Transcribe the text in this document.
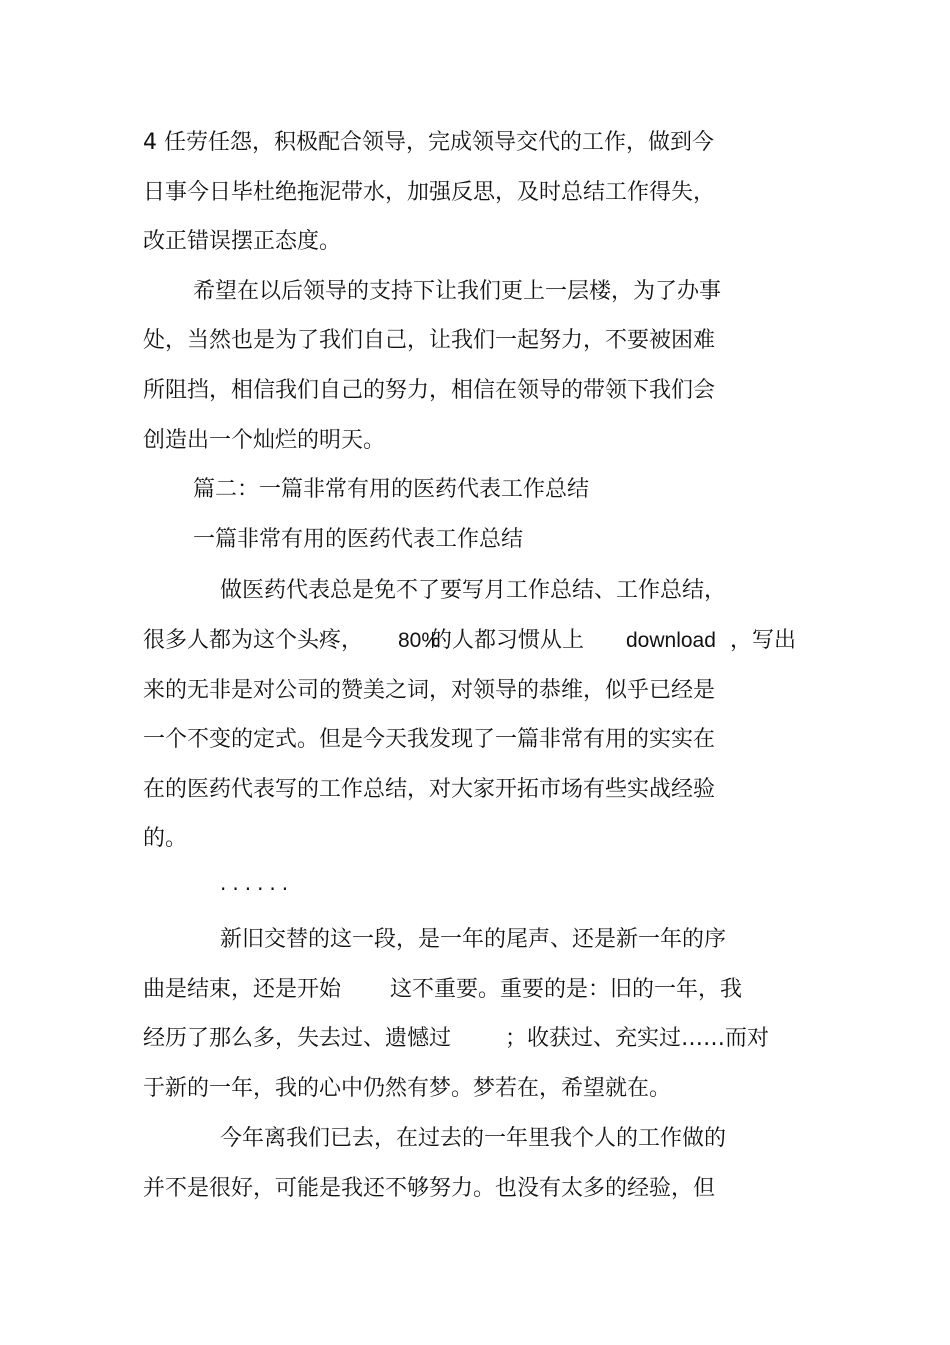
4 任劳任怨，积极配合领导，完成领导交代的工作，做到今
日事今日毕杜绝拖泥带水，加强反思，及时总结工作得失，
改正错误摆正态度。
希望在以后领导的支持下让我们更上一层楼，为了办事
处，当然也是为了我们自己，让我们一起努力，不要被困难
所阻挡，相信我们自己的努力，相信在领导的带领下我们会
创造出一个灿烂的明天。
篇二：一篇非常有用的医药代表工作总结
一篇非常有用的医药代表工作总结
做医药代表总是免不了要写月工作总结、工作总结，
很多人都为这个头疼， 80%
的人都习惯从上 download ，写出
来的无非是对公司的赞美之词，对领导的恭维，似乎已经是
一个不变的定式。但是今天我发现了一篇非常有用的实实在
在的医药代表写的工作总结，对大家开拓市场有些实战经验
的。
······
新旧交替的这一段，是一年的尾声、还是新一年的序
曲是结束，还是开始 这不重要。重要的是：旧的一年，我
经历了那么多，失去过、遗憾过 ；收获过、充实过……而对
于新的一年，我的心中仍然有梦。梦若在，希望就在。
今年离我们已去，在过去的一年里我个人的工作做的
并不是很好，可能是我还不够努力。也没有太多的经验，但
